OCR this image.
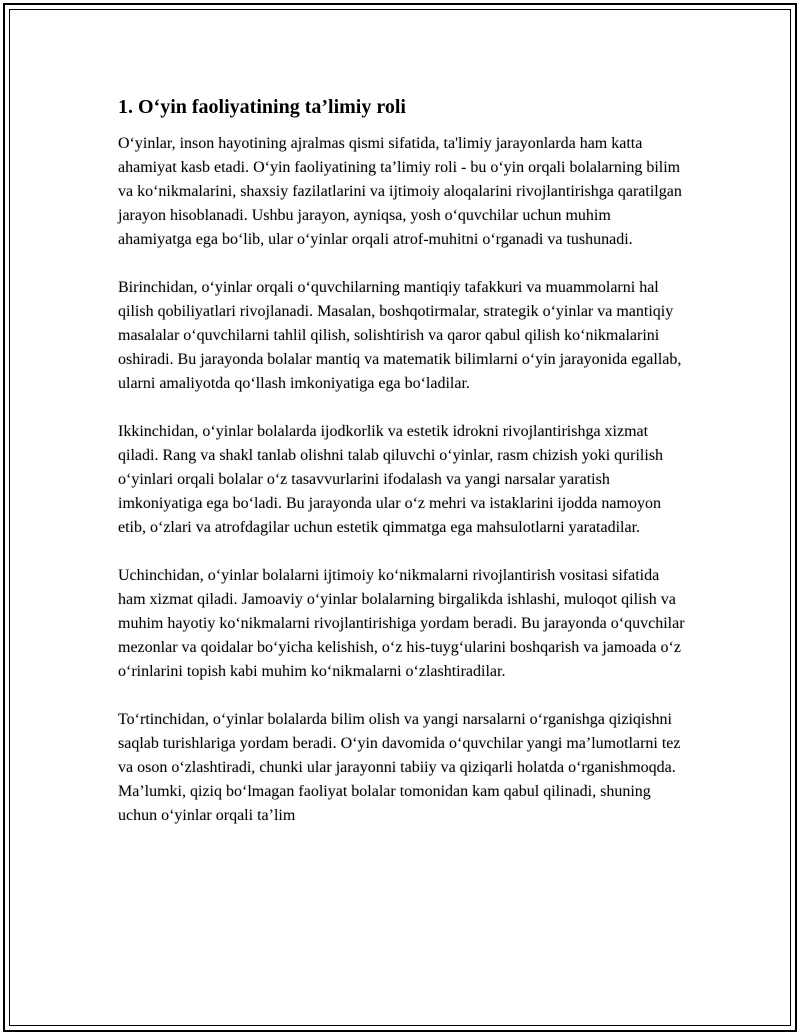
1. O‘yin faoliyatining ta’limiy roli

O‘yinlar, inson hayotining ajralmas qismi sifatida, ta'limiy jarayonlarda ham katta ahamiyat kasb etadi. O‘yin faoliyatining ta’limiy roli - bu o‘yin orqali bolalarning bilim va ko‘nikmalarini, shaxsiy fazilatlarini va ijtimoiy aloqalarini rivojlantirishga qaratilgan jarayon hisoblanadi. Ushbu jarayon, ayniqsa, yosh o‘quvchilar uchun muhim ahamiyatga ega bo‘lib, ular o‘yinlar orqali atrof-muhitni o‘rganadi va tushunadi.

Birinchidan, o‘yinlar orqali o‘quvchilarning mantiqiy tafakkuri va muammolarni hal qilish qobiliyatlari rivojlanadi. Masalan, boshqotirmalar, strategik o‘yinlar va mantiqiy masalalar o‘quvchilarni tahlil qilish, solishtirish va qaror qabul qilish ko‘nikmalarini oshiradi. Bu jarayonda bolalar mantiq va matematik bilimlarni o‘yin jarayonida egallab, ularni amaliyotda qo‘llash imkoniyatiga ega bo‘ladilar.

Ikkinchidan, o‘yinlar bolalarda ijodkorlik va estetik idrokni rivojlantirishga xizmat qiladi. Rang va shakl tanlab olishni talab qiluvchi o‘yinlar, rasm chizish yoki qurilish o‘yinlari orqali bolalar o‘z tasavvurlarini ifodalash va yangi narsalar yaratish imkoniyatiga ega bo‘ladi. Bu jarayonda ular o‘z mehri va istaklarini ijodda namoyon etib, o‘zlari va atrofdagilar uchun estetik qimmatga ega mahsulotlarni yaratadilar.

Uchinchidan, o‘yinlar bolalarni ijtimoiy ko‘nikmalarni rivojlantirish vositasi sifatida ham xizmat qiladi. Jamoaviy o‘yinlar bolalarning birgalikda ishlashi, muloqot qilish va muhim hayotiy ko‘nikmalarni rivojlantirishiga yordam beradi. Bu jarayonda o‘quvchilar mezonlar va qoidalar bo‘yicha kelishish, o‘z his-tuyg‘ularini boshqarish va jamoada o‘z o‘rinlarini topish kabi muhim ko‘nikmalarni o‘zlashtiradilar.

To‘rtinchidan, o‘yinlar bolalarda bilim olish va yangi narsalarni o‘rganishga qiziqishni saqlab turishlariga yordam beradi. O‘yin davomida o‘quvchilar yangi ma’lumotlarni tez va oson o‘zlashtiradi, chunki ular jarayonni tabiiy va qiziqarli holatda o‘rganishmoqda. Ma’lumki, qiziq bo‘lmagan faoliyat bolalar tomonidan kam qabul qilinadi, shuning uchun o‘yinlar orqali ta’lim
